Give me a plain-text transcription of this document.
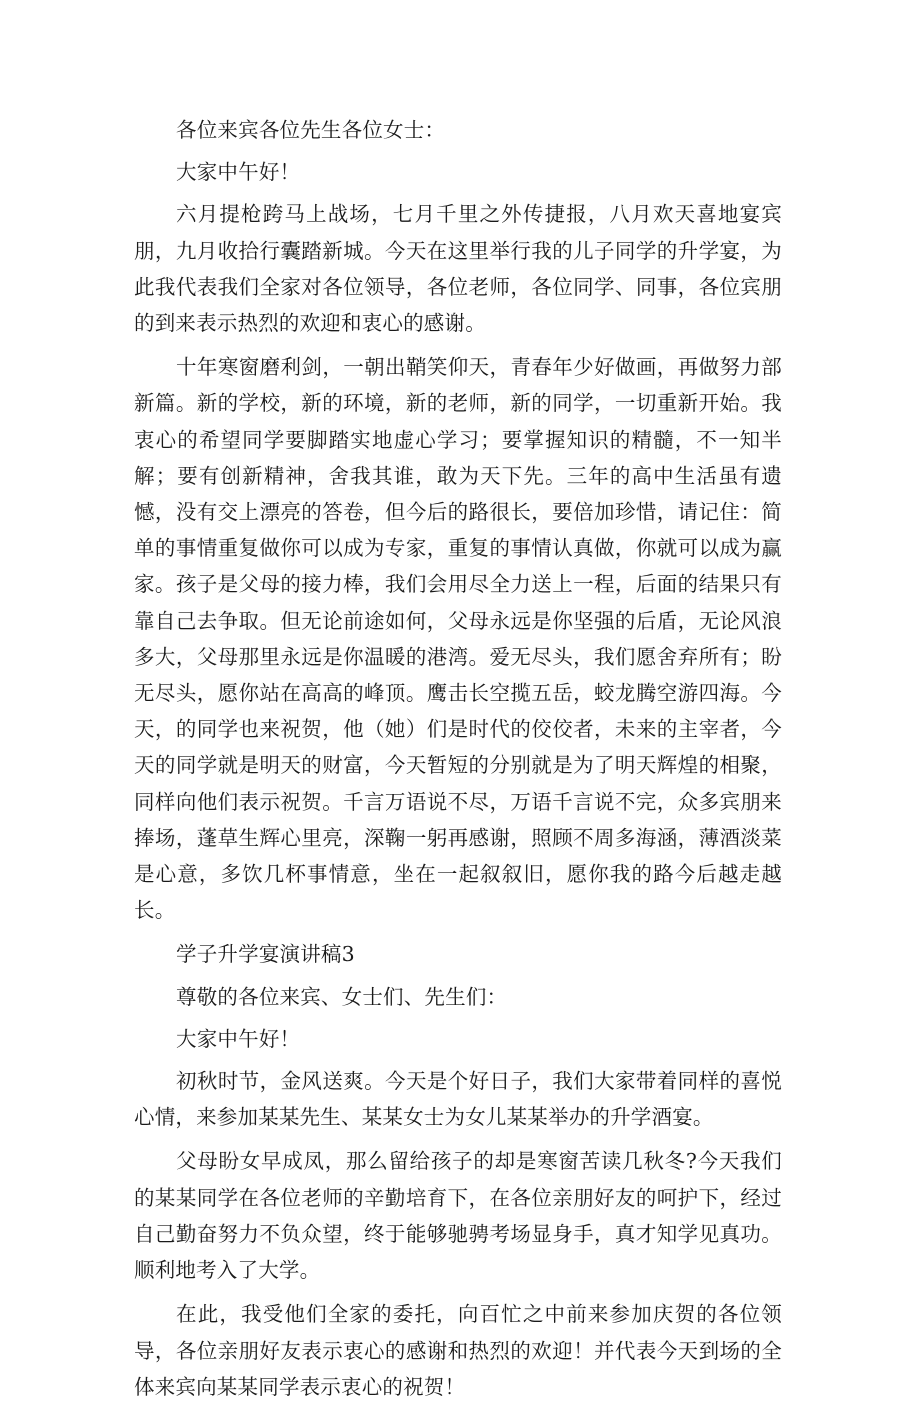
各位来宾各位先生各位女士：

大家中午好！

六月提枪跨马上战场，七月千里之外传捷报，八月欢天喜地宴宾朋，九月收拾行囊踏新城。今天在这里举行我的儿子同学的升学宴，为此我代表我们全家对各位领导，各位老师，各位同学、同事，各位宾朋的到来表示热烈的欢迎和衷心的感谢。

十年寒窗磨利剑，一朝出鞘笑仰天，青春年少好做画，再做努力部新篇。新的学校，新的环境，新的老师，新的同学，一切重新开始。我衷心的希望同学要脚踏实地虚心学习；要掌握知识的精髓，不一知半解；要有创新精神，舍我其谁，敢为天下先。三年的高中生活虽有遗憾，没有交上漂亮的答卷，但今后的路很长，要倍加珍惜，请记住：简单的事情重复做你可以成为专家，重复的事情认真做，你就可以成为赢家。孩子是父母的接力棒，我们会用尽全力送上一程，后面的结果只有靠自己去争取。但无论前途如何，父母永远是你坚强的后盾，无论风浪多大，父母那里永远是你温暖的港湾。爱无尽头，我们愿舍弃所有；盼无尽头，愿你站在高高的峰顶。鹰击长空揽五岳，蛟龙腾空游四海。今天，的同学也来祝贺，他（她）们是时代的佼佼者，未来的主宰者，今天的同学就是明天的财富，今天暂短的分别就是为了明天辉煌的相聚，同样向他们表示祝贺。千言万语说不尽，万语千言说不完，众多宾朋来捧场，蓬草生辉心里亮，深鞠一躬再感谢，照顾不周多海涵，薄酒淡菜是心意，多饮几杯事情意，坐在一起叙叙旧，愿你我的路今后越走越长。

学子升学宴演讲稿3

尊敬的各位来宾、女士们、先生们：

大家中午好！

初秋时节，金风送爽。今天是个好日子，我们大家带着同样的喜悦心情，来参加某某先生、某某女士为女儿某某举办的升学酒宴。

父母盼女早成凤，那么留给孩子的却是寒窗苦读几秋冬?今天我们的某某同学在各位老师的辛勤培育下，在各位亲朋好友的呵护下，经过自己勤奋努力不负众望，终于能够驰骋考场显身手，真才知学见真功。顺利地考入了大学。

在此，我受他们全家的委托，向百忙之中前来参加庆贺的各位领导，各位亲朋好友表示衷心的感谢和热烈的欢迎！并代表今天到场的全体来宾向某某同学表示衷心的祝贺！
